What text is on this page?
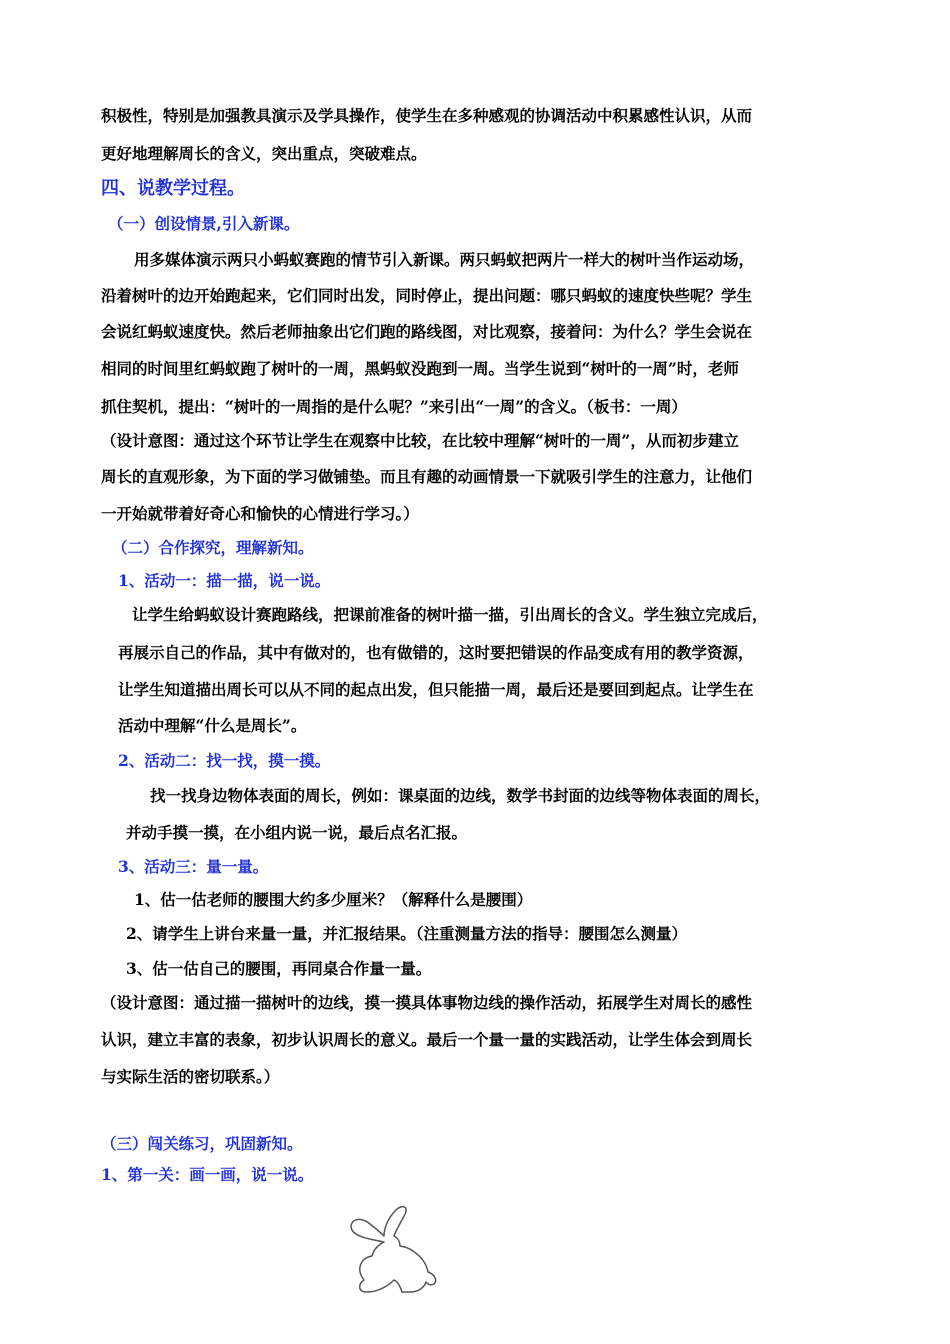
积极性，特别是加强教具演示及学具操作，使学生在多种感观的协调活动中积累感性认识，从而
更好地理解周长的含义，突出重点，突破难点。
四、说教学过程。
（一）创设情景,引入新课。
用多媒体演示两只小蚂蚁赛跑的情节引入新课。两只蚂蚁把两片一样大的树叶当作运动场，
沿着树叶的边开始跑起来，它们同时出发，同时停止，提出问题：哪只蚂蚁的速度快些呢？学生
会说红蚂蚁速度快。然后老师抽象出它们跑的路线图，对比观察，接着问：为什么？学生会说在
相同的时间里红蚂蚁跑了树叶的一周，黑蚂蚁没跑到一周。当学生说到“树叶的一周”时，老师
抓住契机，提出：“树叶的一周指的是什么呢？”来引出“一周”的含义。（板书：一周）
（设计意图：通过这个环节让学生在观察中比较，在比较中理解“树叶的一周”，从而初步建立
周长的直观形象，为下面的学习做铺垫。而且有趣的动画情景一下就吸引学生的注意力，让他们
一开始就带着好奇心和愉快的心情进行学习。）
（二）合作探究，理解新知。
1、活动一：描一描，说一说。
让学生给蚂蚁设计赛跑路线，把课前准备的树叶描一描，引出周长的含义。学生独立完成后，
再展示自己的作品，其中有做对的，也有做错的，这时要把错误的作品变成有用的教学资源，
让学生知道描出周长可以从不同的起点出发，但只能描一周，最后还是要回到起点。让学生在
活动中理解“什么是周长”。
2、活动二：找一找，摸一摸。
找一找身边物体表面的周长，例如：课桌面的边线，数学书封面的边线等物体表面的周长，
并动手摸一摸，在小组内说一说，最后点名汇报。
3、活动三：量一量。
1、估一估老师的腰围大约多少厘米？（解释什么是腰围）
2、请学生上讲台来量一量，并汇报结果。（注重测量方法的指导：腰围怎么测量）
3、估一估自己的腰围，再同桌合作量一量。
（设计意图：通过描一描树叶的边线，摸一摸具体事物边线的操作活动，拓展学生对周长的感性
认识，建立丰富的表象，初步认识周长的意义。最后一个量一量的实践活动，让学生体会到周长
与实际生活的密切联系。）
（三）闯关练习，巩固新知。
1、第一关：画一画，说一说。
